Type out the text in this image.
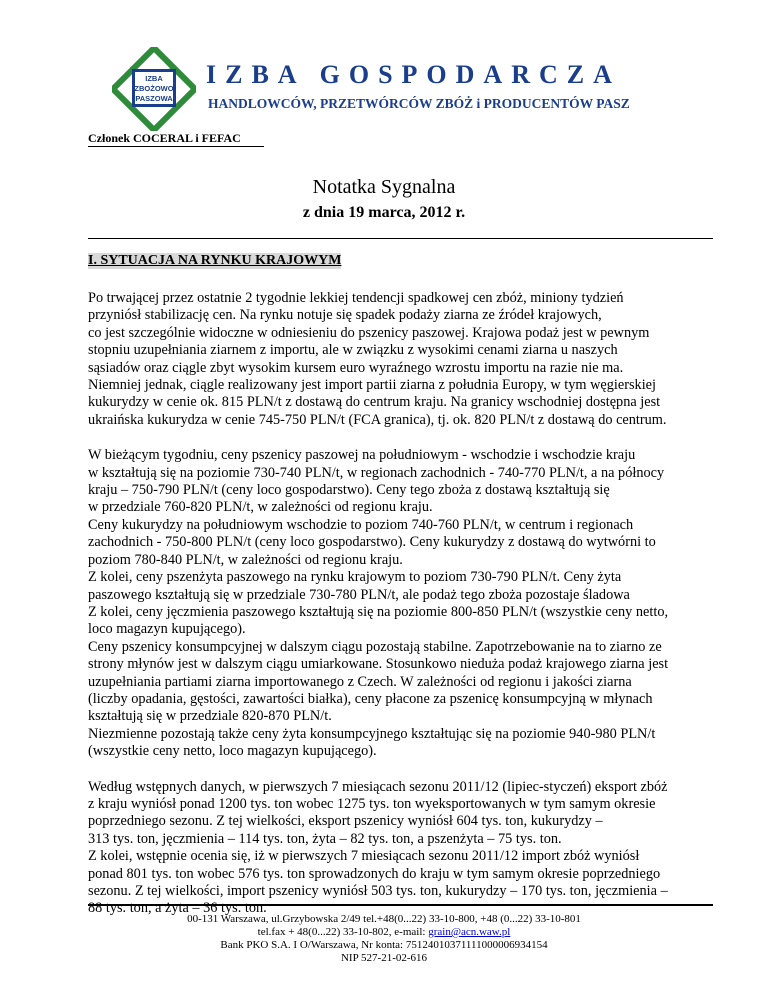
IZBA
ZBOŻOWO
PASZOWA
IZBA GOSPODARCZA
HANDLOWCÓW, PRZETWÓRCÓW ZBÓŻ i PRODUCENTÓW PASZ
Członek COCERAL i FEFAC
Notatka Sygnalna
z dnia 19 marca, 2012 r.
I. SYTUACJA NA RYNKU KRAJOWYM
Po trwającej przez ostatnie 2 tygodnie lekkiej tendencji spadkowej cen zbóż, miniony tydzień
przyniósł stabilizację cen. Na rynku notuje się spadek podaży ziarna ze źródeł krajowych,
co jest szczególnie widoczne w odniesieniu do pszenicy paszowej. Krajowa podaż jest w pewnym
stopniu uzupełniania ziarnem z importu, ale w związku z wysokimi cenami ziarna u naszych
sąsiadów oraz ciągle zbyt wysokim kursem euro wyraźnego wzrostu importu na razie nie ma.
Niemniej jednak, ciągle realizowany jest import partii ziarna z południa Europy, w tym węgierskiej
kukurydzy w cenie ok. 815 PLN/t z dostawą do centrum kraju. Na granicy wschodniej dostępna jest
ukraińska kukurydza w cenie 745-750 PLN/t (FCA granica), tj. ok. 820 PLN/t z dostawą do centrum.
W bieżącym tygodniu, ceny pszenicy paszowej na południowym - wschodzie i wschodzie kraju
w kształtują się na poziomie 730-740 PLN/t, w regionach zachodnich - 740-770 PLN/t, a na północy
kraju – 750-790 PLN/t (ceny loco gospodarstwo). Ceny tego zboża z dostawą kształtują się
w przedziale 760-820 PLN/t, w zależności od regionu kraju.
Ceny kukurydzy na południowym wschodzie to poziom 740-760 PLN/t, w centrum i regionach
zachodnich - 750-800 PLN/t (ceny loco gospodarstwo). Ceny kukurydzy z dostawą do wytwórni to
poziom 780-840 PLN/t, w zależności od regionu kraju.
Z kolei, ceny pszenżyta paszowego na rynku krajowym to poziom 730-790 PLN/t. Ceny żyta
paszowego kształtują się w przedziale 730-780 PLN/t, ale podaż tego zboża pozostaje śladowa
Z kolei, ceny jęczmienia paszowego kształtują się na poziomie 800-850 PLN/t (wszystkie ceny netto,
loco magazyn kupującego).
Ceny pszenicy konsumpcyjnej w dalszym ciągu pozostają stabilne. Zapotrzebowanie na to ziarno ze
strony młynów jest w dalszym ciągu umiarkowane. Stosunkowo nieduża podaż krajowego ziarna jest
uzupełniania partiami ziarna importowanego z Czech. W zależności od regionu i jakości ziarna
(liczby opadania, gęstości, zawartości białka), ceny płacone za pszenicę konsumpcyjną w młynach
kształtują się w przedziale 820-870 PLN/t.
Niezmienne pozostają także ceny żyta konsumpcyjnego kształtując się na poziomie 940-980 PLN/t
(wszystkie ceny netto, loco magazyn kupującego).
Według wstępnych danych, w pierwszych 7 miesiącach sezonu 2011/12 (lipiec-styczeń) eksport zbóż
z kraju wyniósł ponad 1200 tys. ton wobec 1275 tys. ton wyeksportowanych w tym samym okresie
poprzedniego sezonu. Z tej wielkości, eksport pszenicy wyniósł 604 tys. ton, kukurydzy –
313 tys. ton, jęczmienia – 114 tys. ton, żyta – 82 tys. ton, a pszenżyta – 75 tys. ton.
Z kolei, wstępnie ocenia się, iż w pierwszych 7 miesiącach sezonu 2011/12 import zbóż wyniósł
ponad 801 tys. ton wobec 576 tys. ton sprowadzonych do kraju w tym samym okresie poprzedniego
sezonu. Z tej wielkości, import pszenicy wyniósł 503 tys. ton, kukurydzy – 170 tys. ton, jęczmienia –
88 tys. ton, a żyta – 36 tys. ton.
00-131 Warszawa, ul.Grzybowska 2/49 tel.+48(0...22) 33-10-800, +48 (0...22) 33-10-801
tel.fax + 48(0...22) 33-10-802, e-mail: grain@acn.waw.pl
Bank PKO S.A. I O/Warszawa, Nr konta: 75124010371111000006934154
NIP 527-21-02-616
